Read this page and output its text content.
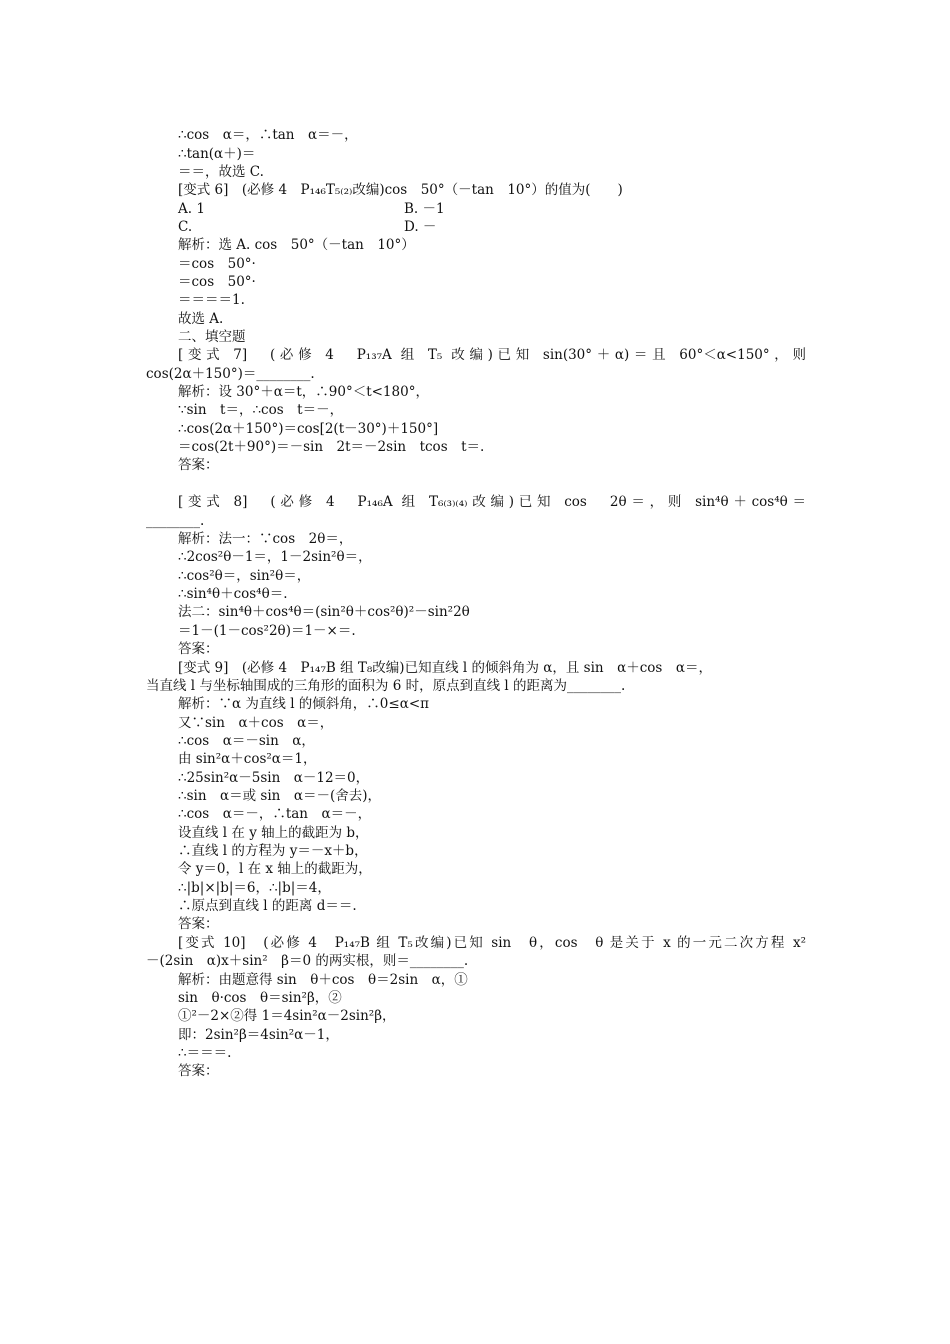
∴cos　α＝，∴tan　α＝－，
∴tan(α＋)＝
＝＝，故选 C.
[变式 6]　(必修 4　P₁₄₆T₅₍₂₎改编)cos　50°（－tan　10°）的值为(　　)
A. 1	B. －1
C.	D. －
解析：选 A. cos　50°（－tan　10°）
＝cos　50°·
＝cos　50°·
＝＝＝＝1.
故选 A.
二、填空题
[变式 7]　(必修 4　P₁₃₇A 组 T₅ 改编)已知 sin(30°＋α)＝且 60°＜α<150°，则
cos(2α＋150°)＝________.
解析：设 30°＋α＝t，∴90°＜t<180°，
∵sin　t＝，∴cos　t＝－，
∴cos(2α＋150°)＝cos[2(t－30°)＋150°]
＝cos(2t＋90°)＝－sin　2t＝－2sin　tcos　t＝.
答案：
[变式 8]　(必修 4　P₁₄₆A 组 T₆₍₃₎₍₄₎改编)已知 cos　2θ＝，则 sin⁴θ＋cos⁴θ＝
________.
解析：法一：∵cos　2θ＝，
∴2cos²θ－1＝，1－2sin²θ＝，
∴cos²θ＝，sin²θ＝，
∴sin⁴θ＋cos⁴θ＝.
法二：sin⁴θ＋cos⁴θ＝(sin²θ＋cos²θ)²－sin²2θ
＝1－(1－cos²2θ)＝1－×＝.
答案：
[变式 9]　(必修 4　P₁₄₇B 组 T₈改编)已知直线 l 的倾斜角为 α，且 sin　α＋cos　α＝，
当直线 l 与坐标轴围成的三角形的面积为 6 时，原点到直线 l 的距离为________.
解析：∵α 为直线 l 的倾斜角，∴0≤α<π
又∵sin　α＋cos　α＝，
∴cos　α＝－sin　α，
由 sin²α＋cos²α＝1，
∴25sin²α－5sin　α－12＝0，
∴sin　α＝或 sin　α＝－(舍去)，
∴cos　α＝－，∴tan　α＝－，
设直线 l 在 y 轴上的截距为 b，
∴直线 l 的方程为 y＝－x＋b，
令 y＝0，l 在 x 轴上的截距为，
∴|b|×|b|＝6，∴|b|＝4，
∴原点到直线 l 的距离 d＝＝.
答案：
[变式 10]　(必修 4　P₁₄₇B 组 T₅改编)已知 sin　θ，cos　θ 是关于 x 的一元二次方程 x²
－(2sin　α)x＋sin²　β＝0 的两实根，则＝________.
解析：由题意得 sin　θ＋cos　θ＝2sin　α，①
sin　θ·cos　θ＝sin²β，②
①²－2×②得 1＝4sin²α－2sin²β，
即：2sin²β＝4sin²α－1，
∴＝＝＝.
答案：
